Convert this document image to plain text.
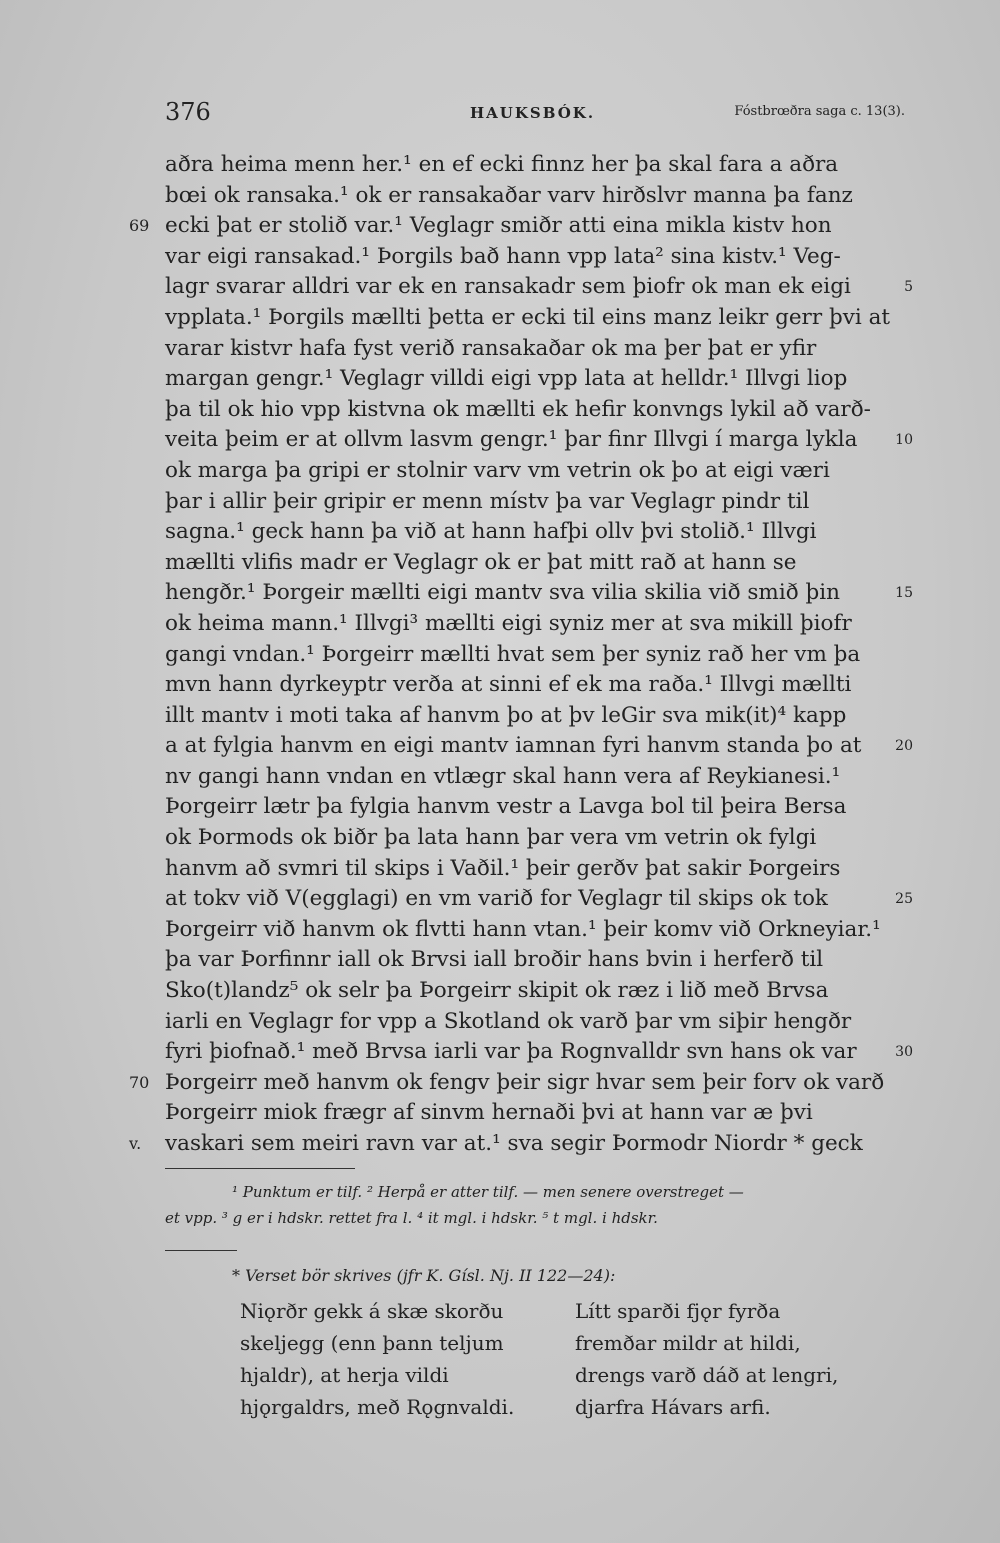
376	HAUKSBÓK.	Fóstbrœðra saga c. 13(3).
aðra heima menn her.¹ en ef ecki finnz her þa skal fara a aðra
bœi ok ransaka.¹ ok er ransakaðar varv hirðslvr manna þa fanz
69 ecki þat er stolið var.¹ Veglagr smiðr atti eina mikla kistv hon
var eigi ransakad.¹ Þorgils bað hann vpp lata² sina kistv.¹ Veg-
lagr svarar alldri var ek en ransakadr sem þiofr ok man ek eigi	5
vpplata.¹ Þorgils mællti þetta er ecki til eins manz leikr gerr þvi at
varar kistvr hafa fyst verið ransakaðar ok ma þer þat er yfir
margan gengr.¹ Veglagr villdi eigi vpp lata at helldr.¹ Illvgi liop
þa til ok hio vpp kistvna ok mællti ek hefir konvngs lykil að varð-
veita þeim er at ollvm lasvm gengr.¹ þar finr Illvgi í marga lykla	10
ok marga þa gripi er stolnir varv vm vetrin ok þo at eigi væri
þar i allir þeir gripir er menn místv þa var Veglagr pindr til
sagna.¹ geck hann þa við at hann hafþi ollv þvi stolið.¹ Illvgi
mællti vlifis madr er Veglagr ok er þat mitt rað at hann se
hengðr.¹ Þorgeir mællti eigi mantv sva vilia skilia við smið þin	15
ok heima mann.¹ Illvgi³ mællti eigi syniz mer at sva mikill þiofr
gangi vndan.¹ Þorgeirr mællti hvat sem þer syniz rað her vm þa
mvn hann dyrkeyptr verða at sinni ef ek ma raða.¹ Illvgi mællti
illt mantv i moti taka af hanvm þo at þv leGir sva mik(it)⁴ kapp
a at fylgia hanvm en eigi mantv iamnan fyri hanvm standa þo at 20
nv gangi hann vndan en vtlægr skal hann vera af Reykianesi.¹
Þorgeirr lætr þa fylgia hanvm vestr a Lavga bol til þeira Bersa
ok Þormods ok biðr þa lata hann þar vera vm vetrin ok fylgi
hanvm að svmri til skips i Vaðil.¹ þeir gerðv þat sakir Þorgeirs
at tokv við V(egglagi) en vm varið for Veglagr til skips ok tok	25
Þorgeirr við hanvm ok flvtti hann vtan.¹ þeir komv við Orkneyiar.¹
þa var Þorfinnr iall ok Brvsi iall broðir hans bvin i herferð til
Sko(t)landz⁵ ok selr þa Þorgeirr skipit ok ræz i lið með Brvsa
iarli en Veglagr for vpp a Skotland ok varð þar vm siþir hengðr
fyri þiofnað.¹ með Brvsa iarli var þa Rognvalldr svn hans ok var	30
70 Þorgeirr með hanvm ok fengv þeir sigr hvar sem þeir forv ok varð
Þorgeirr miok frægr af sinvm hernaði þvi at hann var æ þvi
v. vaskari sem meiri ravn var at.¹ sva segir Þormodr Niordr * geck
¹ Punktum er tilf. ² Herpå er atter tilf. — men senere overstreget —
et vpp. ³ g er i hdskr. rettet fra l. ⁴ it mgl. i hdskr. ⁵ t mgl. i hdskr.
* Verset bör skrives (jfr K. Gísl. Nj. II 122—24):
Niǫrðr gekk á skæ skorðu
skeljegg (enn þann teljum
hjaldr), at herja vildi
hjǫrgaldrs, með Rǫgnvaldi.
Lítt sparði fjǫr fyrða
fremðar mildr at hildi,
drengs varð dáð at lengri,
djarfra Hávars arfi.
